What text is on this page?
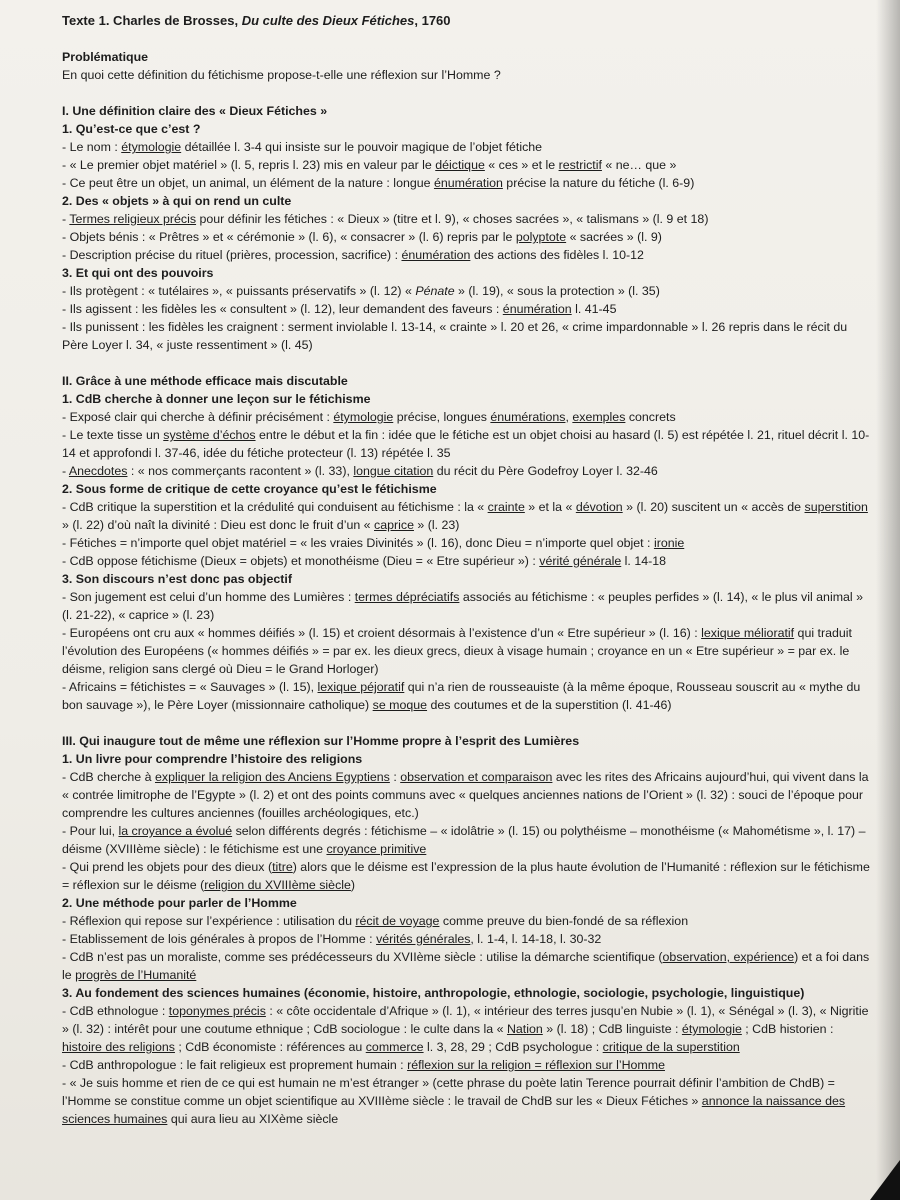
Texte 1. Charles de Brosses, Du culte des Dieux Fétiches, 1760
Problématique
En quoi cette définition du fétichisme propose-t-elle une réflexion sur l’Homme ?
I. Une définition claire des « Dieux Fétiches »
1. Qu’est-ce que c’est ?
- Le nom : étymologie détaillée l. 3-4 qui insiste sur le pouvoir magique de l’objet fétiche
- « Le premier objet matériel » (l. 5, repris l. 23) mis en valeur par le déictique « ces » et le restrictif « ne… que »
- Ce peut être un objet, un animal, un élément de la nature : longue énumération précise la nature du fétiche (l. 6-9)
2. Des « objets » à qui on rend un culte
- Termes religieux précis pour définir les fétiches : « Dieux » (titre et l. 9), « choses sacrées », « talismans » (l. 9 et 18)
- Objets bénis : « Prêtres » et « cérémonie » (l. 6), « consacrer » (l. 6) repris par le polyptote « sacrées » (l. 9)
- Description précise du rituel (prières, procession, sacrifice) : énumération des actions des fidèles l. 10-12
3. Et qui ont des pouvoirs
- Ils protègent : « tutélaires », « puissants préservatifs » (l. 12) « Pénate » (l. 19), « sous la protection » (l. 35)
- Ils agissent : les fidèles les « consultent » (l. 12), leur demandent des faveurs : énumération l. 41-45
- Ils punissent : les fidèles les craignent : serment inviolable l. 13-14, « crainte » l. 20 et 26, « crime impardonnable » l. 26 repris dans le récit du Père Loyer l. 34, « juste ressentiment » (l. 45)
II. Grâce à une méthode efficace mais discutable
1. CdB cherche à donner une leçon sur le fétichisme
- Exposé clair qui cherche à définir précisément : étymologie précise, longues énumérations, exemples concrets
- Le texte tisse un système d’échos entre le début et la fin : idée que le fétiche est un objet choisi au hasard (l. 5) est répétée l. 21, rituel décrit l. 10-14 et approfondi l. 37-46, idée du fétiche protecteur (l. 13) répétée l. 35
- Anecdotes : « nos commerçants racontent » (l. 33), longue citation du récit du Père Godefroy Loyer l. 32-46
2. Sous forme de critique de cette croyance qu’est le fétichisme
- CdB critique la superstition et la crédulité qui conduisent au fétichisme : la « crainte » et la « dévotion » (l. 20) suscitent un « accès de superstition » (l. 22) d’où naît la divinité : Dieu est donc le fruit d’un « caprice » (l. 23)
- Fétiches = n’importe quel objet matériel = « les vraies Divinités » (l. 16), donc Dieu = n’importe quel objet : ironie
- CdB oppose fétichisme (Dieux = objets) et monothéisme (Dieu = « Etre supérieur ») : vérité générale l. 14-18
3. Son discours n’est donc pas objectif
- Son jugement est celui d’un homme des Lumières : termes dépréciatifs associés au fétichisme : « peuples perfides » (l. 14), « le plus vil animal » (l. 21-22), « caprice » (l. 23)
- Européens ont cru aux « hommes déifiés » (l. 15) et croient désormais à l’existence d’un « Etre supérieur » (l. 16) : lexique mélioratif qui traduit l’évolution des Européens (« hommes déifiés » = par ex. les dieux grecs, dieux à visage humain ; croyance en un « Etre supérieur » = par ex. le déisme, religion sans clergé où Dieu = le Grand Horloger)
- Africains = fétichistes = « Sauvages » (l. 15), lexique péjoratif qui n’a rien de rousseauiste (à la même époque, Rousseau souscrit au « mythe du bon sauvage »), le Père Loyer (missionnaire catholique) se moque des coutumes et de la superstition (l. 41-46)
III. Qui inaugure tout de même une réflexion sur l’Homme propre à l’esprit des Lumières
1. Un livre pour comprendre l’histoire des religions
- CdB cherche à expliquer la religion des Anciens Egyptiens : observation et comparaison avec les rites des Africains aujourd’hui, qui vivent dans la « contrée limitrophe de l’Egypte » (l. 2) et ont des points communs avec « quelques anciennes nations de l’Orient » (l. 32) : souci de l’époque pour comprendre les cultures anciennes (fouilles archéologiques, etc.)
- Pour lui, la croyance a évolué selon différents degrés : fétichisme – « idolâtrie » (l. 15) ou polythéisme – monothéisme (« Mahométisme », l. 17) – déisme (XVIIIème siècle) : le fétichisme est une croyance primitive
- Qui prend les objets pour des dieux (titre) alors que le déisme est l’expression de la plus haute évolution de l’Humanité : réflexion sur le fétichisme = réflexion sur le déisme (religion du XVIIIème siècle)
2. Une méthode pour parler de l’Homme
- Réflexion qui repose sur l’expérience : utilisation du récit de voyage comme preuve du bien-fondé de sa réflexion
- Etablissement de lois générales à propos de l’Homme : vérités générales, l. 1-4, l. 14-18, l. 30-32
- CdB n’est pas un moraliste, comme ses prédécesseurs du XVIIème siècle : utilise la démarche scientifique (observation, expérience) et a foi dans le progrès de l’Humanité
3. Au fondement des sciences humaines (économie, histoire, anthropologie, ethnologie, sociologie, psychologie, linguistique)
- CdB ethnologue : toponymes précis : « côte occidentale d’Afrique » (l. 1), « intérieur des terres jusqu’en Nubie » (l. 1), « Sénégal » (l. 3), « Nigritie » (l. 32) : intérêt pour une coutume ethnique ; CdB sociologue : le culte dans la « Nation » (l. 18) ; CdB linguiste : étymologie ; CdB historien : histoire des religions ; CdB économiste : références au commerce l. 3, 28, 29 ; CdB psychologue : critique de la superstition
- CdB anthropologue : le fait religieux est proprement humain : réflexion sur la religion = réflexion sur l’Homme
- « Je suis homme et rien de ce qui est humain ne m’est étranger » (cette phrase du poète latin Terence pourrait définir l’ambition de ChdB) = l’Homme se constitue comme un objet scientifique au XVIIIème siècle : le travail de ChdB sur les « Dieux Fétiches » annonce la naissance des sciences humaines qui aura lieu au XIXème siècle
